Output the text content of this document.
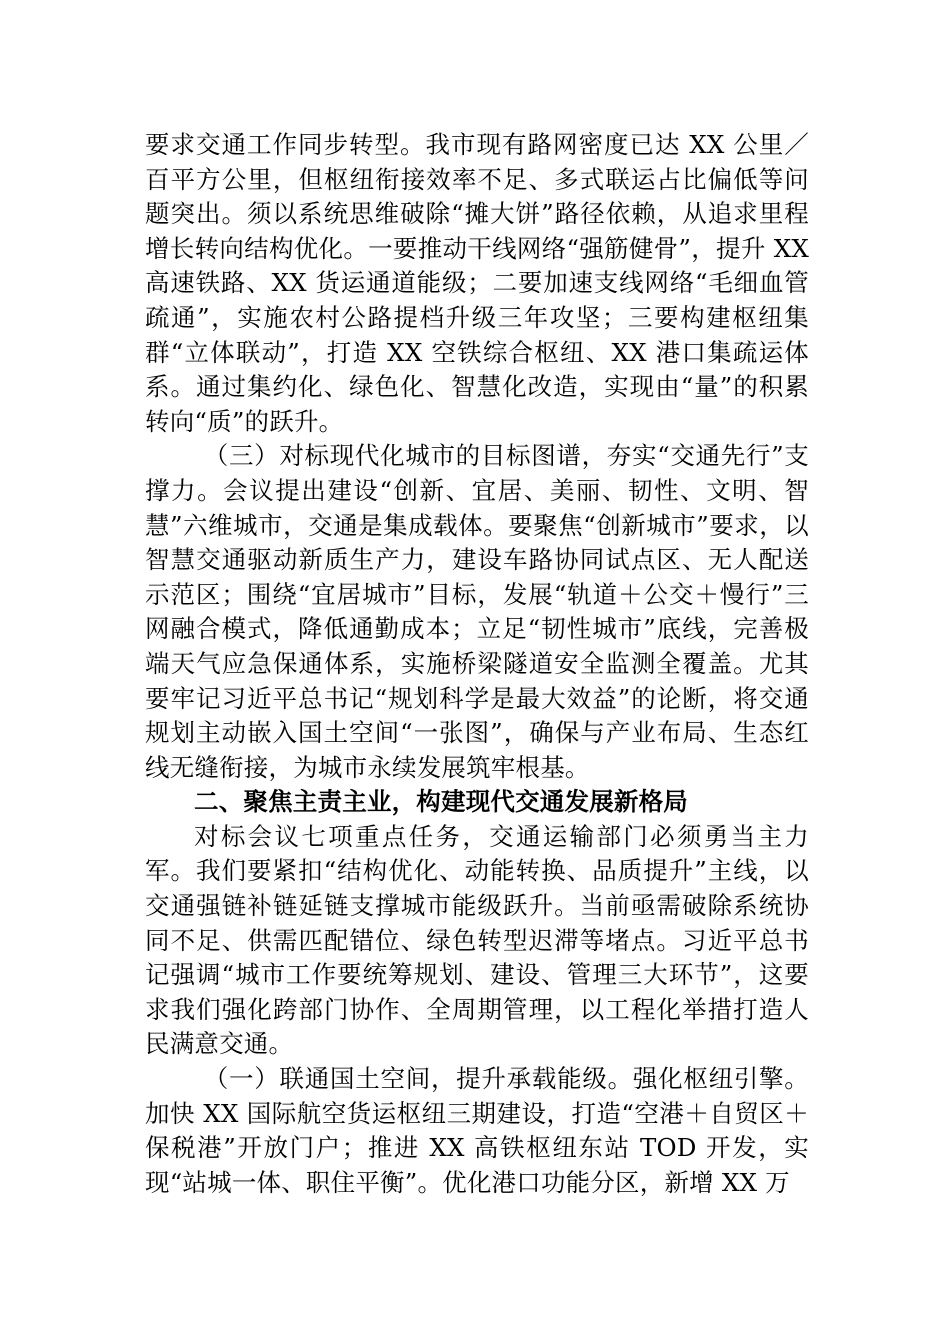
要求交通工作同步转型。我市现有路网密度已达 XX 公里／百平方公里，但枢纽衔接效率不足、多式联运占比偏低等问题突出。须以系统思维破除“摊大饼”路径依赖，从追求里程增长转向结构优化。一要推动干线网络“强筋健骨”，提升 XX 高速铁路、XX 货运通道能级；二要加速支线网络“毛细血管疏通”，实施农村公路提档升级三年攻坚；三要构建枢纽集群“立体联动”，打造 XX 空铁综合枢纽、XX 港口集疏运体系。通过集约化、绿色化、智慧化改造，实现由“量”的积累转向“质”的跃升。

（三）对标现代化城市的目标图谱，夯实“交通先行”支撑力。会议提出建设“创新、宜居、美丽、韧性、文明、智慧”六维城市，交通是集成载体。要聚焦“创新城市”要求，以智慧交通驱动新质生产力，建设车路协同试点区、无人配送示范区；围绕“宜居城市”目标，发展“轨道＋公交＋慢行”三网融合模式，降低通勤成本；立足“韧性城市”底线，完善极端天气应急保通体系，实施桥梁隧道安全监测全覆盖。尤其要牢记习近平总书记“规划科学是最大效益”的论断，将交通规划主动嵌入国土空间“一张图”，确保与产业布局、生态红线无缝衔接，为城市永续发展筑牢根基。

二、聚焦主责主业，构建现代交通发展新格局

对标会议七项重点任务，交通运输部门必须勇当主力军。我们要紧扣“结构优化、动能转换、品质提升”主线，以交通强链补链延链支撑城市能级跃升。当前亟需破除系统协同不足、供需匹配错位、绿色转型迟滞等堵点。习近平总书记强调“城市工作要统筹规划、建设、管理三大环节”，这要求我们强化跨部门协作、全周期管理，以工程化举措打造人民满意交通。

（一）联通国土空间，提升承载能级。强化枢纽引擎。加快 XX 国际航空货运枢纽三期建设，打造“空港＋自贸区＋保税港”开放门户；推进 XX 高铁枢纽东站 TOD 开发，实现“站城一体、职住平衡”。优化港口功能分区，新增 XX 万
